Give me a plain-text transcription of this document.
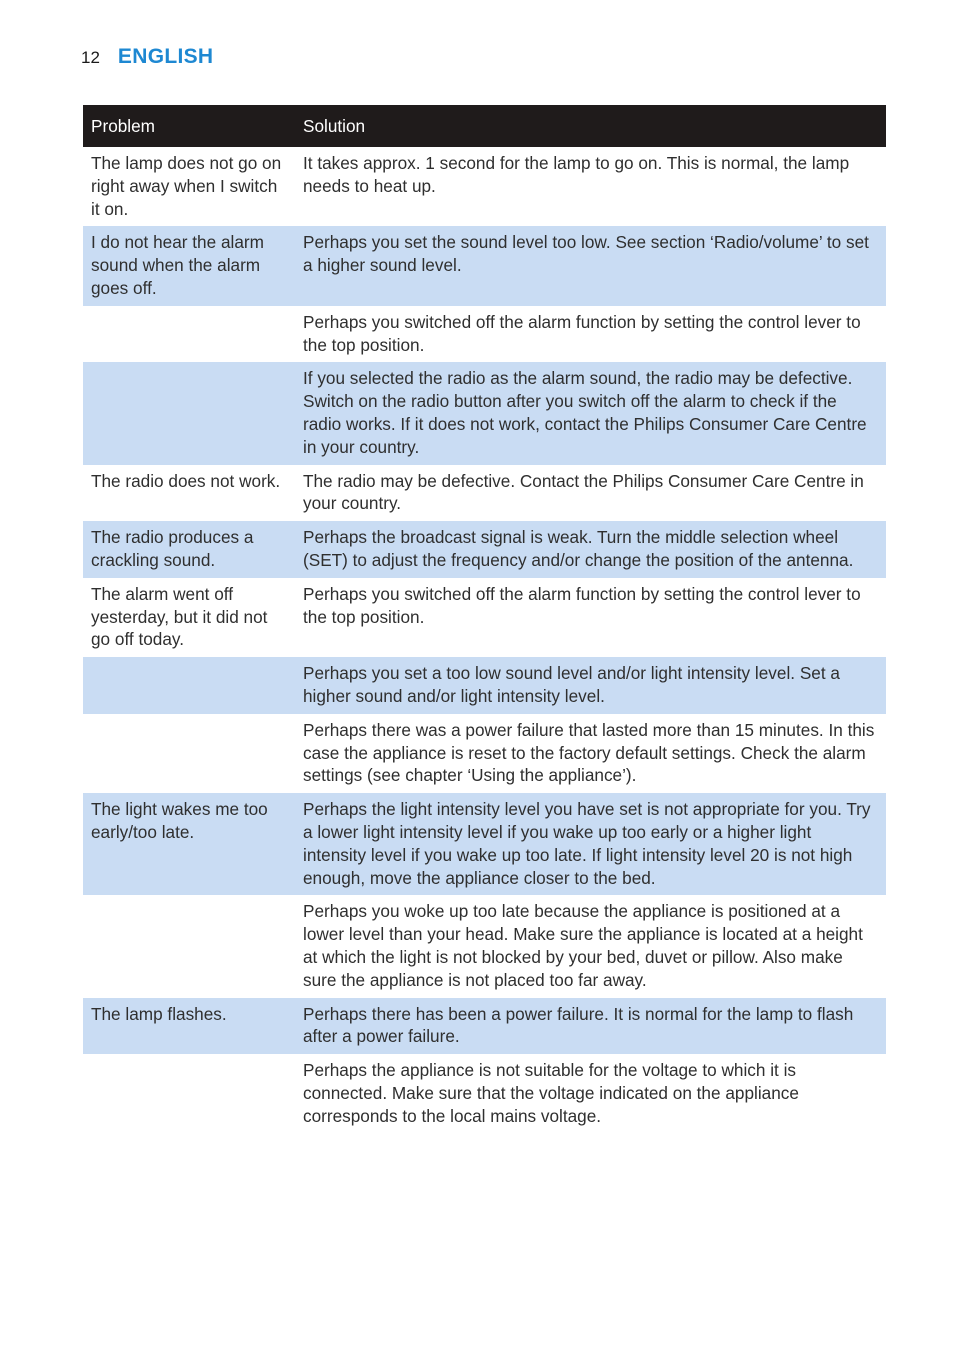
12 ENGLISH
Problem	Solution
The lamp does not go on right away when I switch it on.	It takes approx. 1 second for the lamp to go on. This is normal, the lamp needs to heat up.
I do not hear the alarm sound when the alarm goes off.	Perhaps you set the sound level too low. See section ‘Radio/volume’ to set a higher sound level.
	Perhaps you switched off the alarm function by setting the control lever to the top position.
	If you selected the radio as the alarm sound, the radio may be defective. Switch on the radio button after you switch off the alarm to check if the radio works. If it does not work, contact the Philips Consumer Care Centre in your country.
The radio does not work.	The radio may be defective. Contact the Philips Consumer Care Centre in your country.
The radio produces a crackling sound.	Perhaps the broadcast signal is weak. Turn the middle selection wheel (SET) to adjust the frequency and/or change the position of the antenna.
The alarm went off yesterday, but it did not go off today.	Perhaps you switched off the alarm function by setting the control lever to the top position.
	Perhaps you set a too low sound level and/or light intensity level. Set a higher sound and/or light intensity level.
	Perhaps there was a power failure that lasted more than 15 minutes. In this case the appliance is reset to the factory default settings. Check the alarm settings (see chapter ‘Using the appliance’).
The light wakes me too early/too late.	Perhaps the light intensity level you have set is not appropriate for you. Try a lower light intensity level if you wake up too early or a higher light intensity level if you wake up too late. If light intensity level 20 is not high enough, move the appliance closer to the bed.
	Perhaps you woke up too late because the appliance is positioned at a lower level than your head. Make sure the appliance is located at a height at which the light is not blocked by your bed, duvet or pillow. Also make sure the appliance is not placed too far away.
The lamp flashes.	Perhaps there has been a power failure. It is normal for the lamp to flash after a power failure.
	Perhaps the appliance is not suitable for the voltage to which it is connected. Make sure that the voltage indicated on the appliance corresponds to the local mains voltage.
